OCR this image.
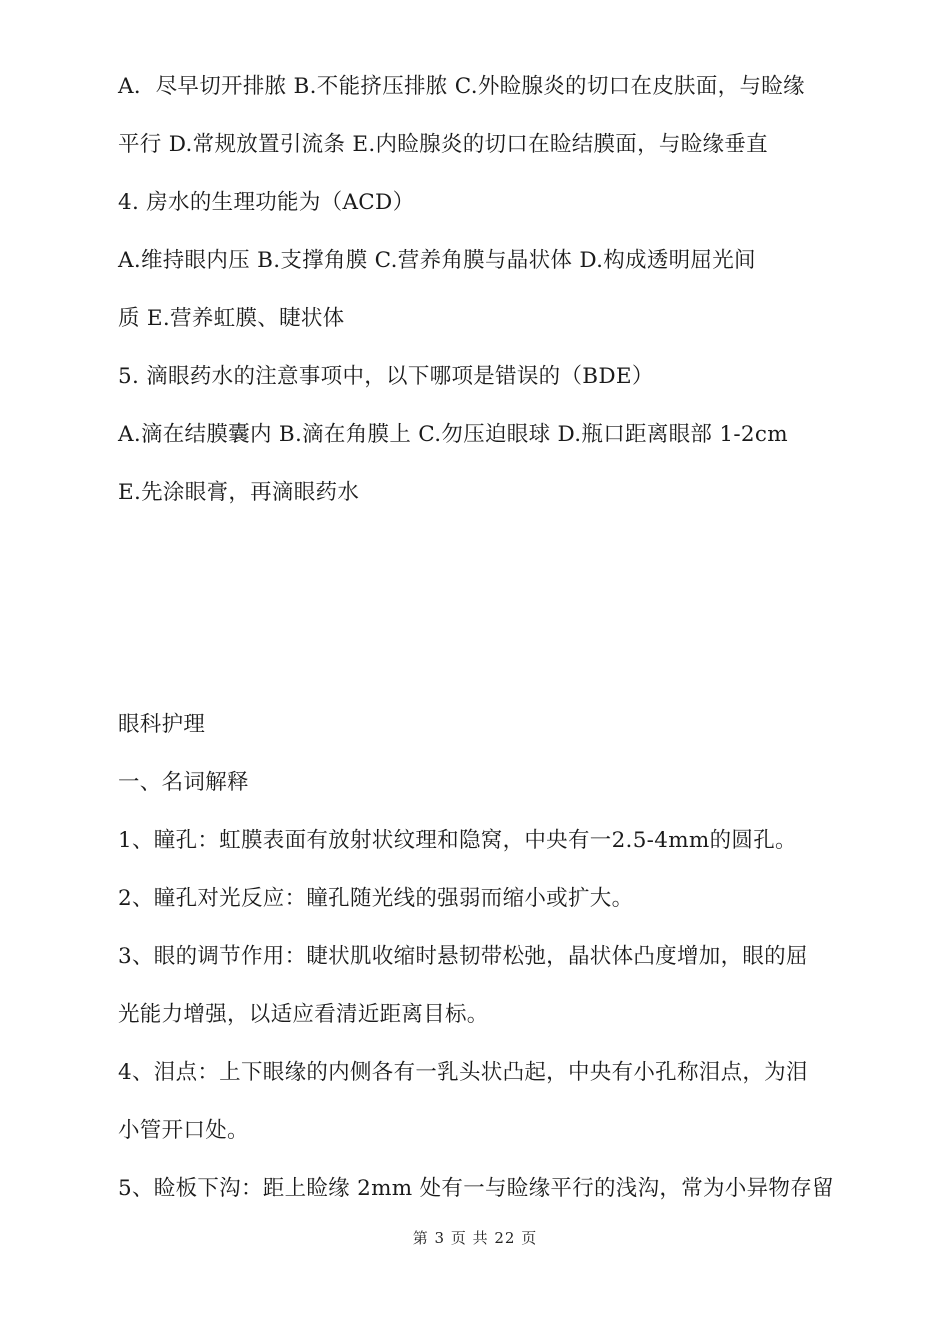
A．尽早切开排脓 B.不能挤压排脓 C.外睑腺炎的切口在皮肤面，与睑缘
平行 D.常规放置引流条 E.内睑腺炎的切口在睑结膜面，与睑缘垂直
4. 房水的生理功能为（ACD）
A.维持眼内压 B.支撑角膜 C.营养角膜与晶状体 D.构成透明屈光间
质 E.营养虹膜、睫状体
5. 滴眼药水的注意事项中，以下哪项是错误的（BDE）
A.滴在结膜囊内 B.滴在角膜上 C.勿压迫眼球 D.瓶口距离眼部 1-2cm
E.先涂眼膏，再滴眼药水
眼科护理
一、名词解释
1、瞳孔：虹膜表面有放射状纹理和隐窝，中央有一2.5-4mm的圆孔。
2、瞳孔对光反应：瞳孔随光线的强弱而缩小或扩大。
3、眼的调节作用：睫状肌收缩时悬韧带松弛，晶状体凸度增加，眼的屈
光能力增强，以适应看清近距离目标。
4、泪点：上下眼缘的内侧各有一乳头状凸起，中央有小孔称泪点，为泪
小管开口处。
5、睑板下沟：距上睑缘 2mm 处有一与睑缘平行的浅沟，常为小异物存留
第 3 页 共 22 页
